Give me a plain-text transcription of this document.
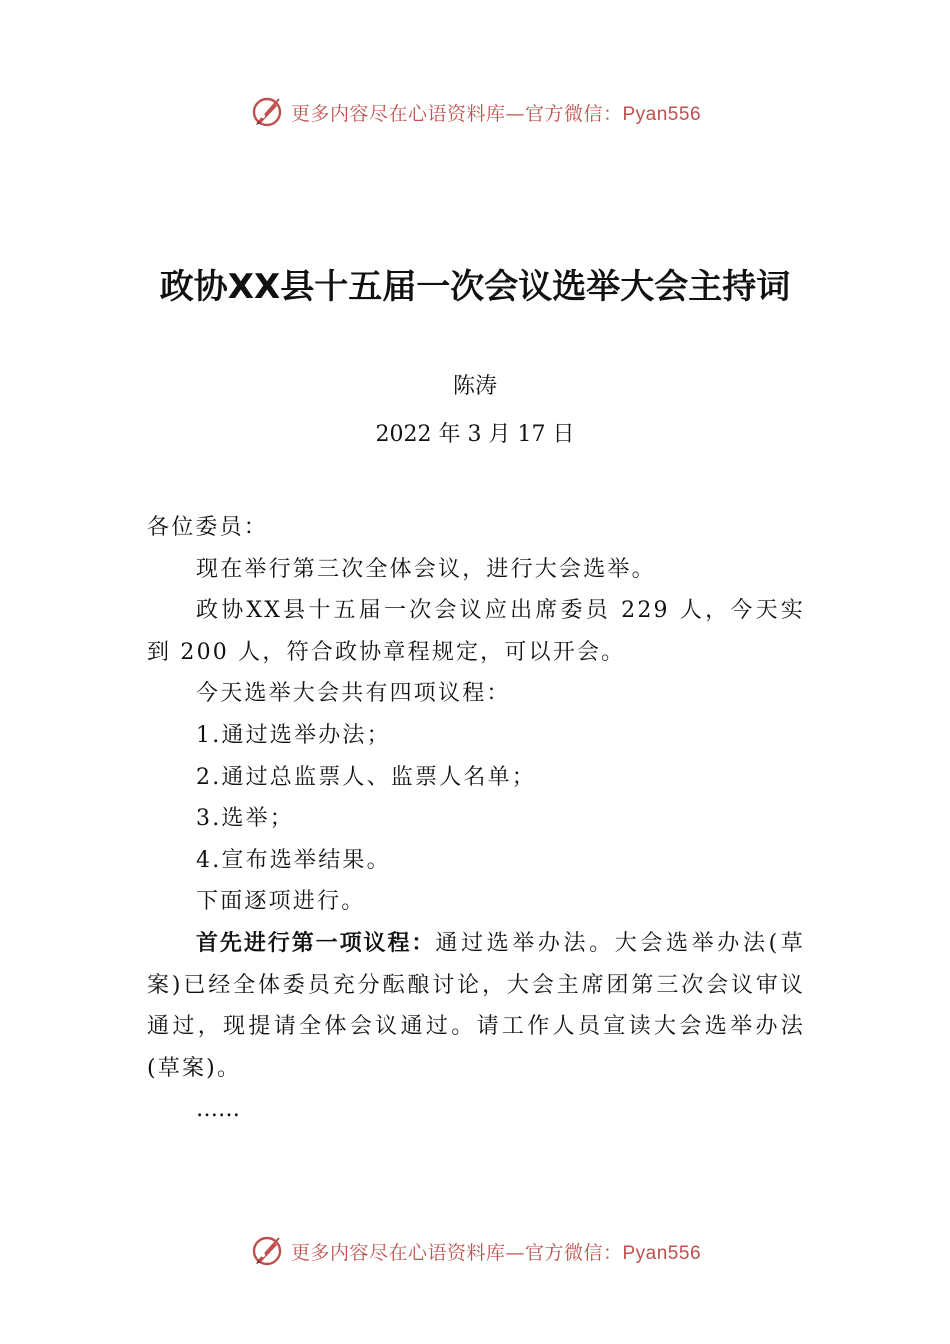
更多内容尽在心语资料库—官方微信：Pyan556
政协XX县十五届一次会议选举大会主持词

陈涛

2022 年 3 月 17 日

各位委员：

现在举行第三次全体会议，进行大会选举。

政协XX县十五届一次会议应出席委员 229 人，今天实到 200 人，符合政协章程规定，可以开会。

今天选举大会共有四项议程：

1.通过选举办法；

2.通过总监票人、监票人名单；

3.选举；

4.宣布选举结果。

下面逐项进行。

首先进行第一项议程：通过选举办法。大会选举办法(草案)已经全体委员充分酝酿讨论，大会主席团第三次会议审议通过，现提请全体会议通过。请工作人员宣读大会选举办法(草案)。

……

更多内容尽在心语资料库—官方微信：Pyan556
